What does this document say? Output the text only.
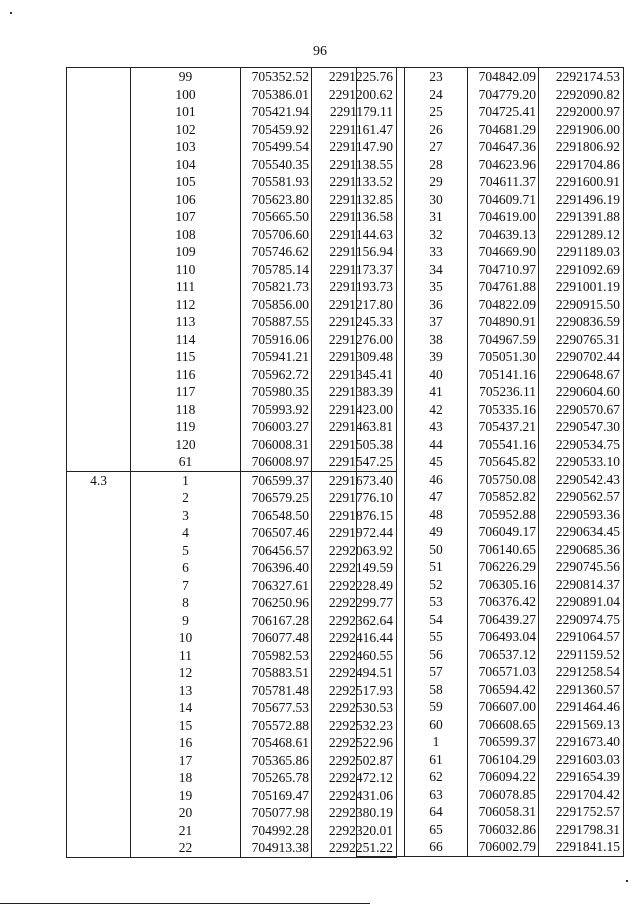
96
	99	705352.52	2291225.76
	100	705386.01	2291200.62
	101	705421.94	2291179.11
	102	705459.92	2291161.47
	103	705499.54	2291147.90
	104	705540.35	2291138.55
	105	705581.93	2291133.52
	106	705623.80	2291132.85
	107	705665.50	2291136.58
	108	705706.60	2291144.63
	109	705746.62	2291156.94
	110	705785.14	2291173.37
	111	705821.73	2291193.73
	112	705856.00	2291217.80
	113	705887.55	2291245.33
	114	705916.06	2291276.00
	115	705941.21	2291309.48
	116	705962.72	2291345.41
	117	705980.35	2291383.39
	118	705993.92	2291423.00
	119	706003.27	2291463.81
	120	706008.31	2291505.38
	61	706008.97	2291547.25
4.3	1	706599.37	2291673.40
	2	706579.25	2291776.10
	3	706548.50	2291876.15
	4	706507.46	2291972.44
	5	706456.57	2292063.92
	6	706396.40	2292149.59
	7	706327.61	2292228.49
	8	706250.96	2292299.77
	9	706167.28	2292362.64
	10	706077.48	2292416.44
	11	705982.53	2292460.55
	12	705883.51	2292494.51
	13	705781.48	2292517.93
	14	705677.53	2292530.53
	15	705572.88	2292532.23
	16	705468.61	2292522.96
	17	705365.86	2292502.87
	18	705265.78	2292472.12
	19	705169.47	2292431.06
	20	705077.98	2292380.19
	21	704992.28	2292320.01
	22	704913.38	2292251.22
	23	704842.09	2292174.53
	24	704779.20	2292090.82
	25	704725.41	2292000.97
	26	704681.29	2291906.00
	27	704647.36	2291806.92
	28	704623.96	2291704.86
	29	704611.37	2291600.91
	30	704609.71	2291496.19
	31	704619.00	2291391.88
	32	704639.13	2291289.12
	33	704669.90	2291189.03
	34	704710.97	2291092.69
	35	704761.88	2291001.19
	36	704822.09	2290915.50
	37	704890.91	2290836.59
	38	704967.59	2290765.31
	39	705051.30	2290702.44
	40	705141.16	2290648.67
	41	705236.11	2290604.60
	42	705335.16	2290570.67
	43	705437.21	2290547.30
	44	705541.16	2290534.75
	45	705645.82	2290533.10
	46	705750.08	2290542.43
	47	705852.82	2290562.57
	48	705952.88	2290593.36
	49	706049.17	2290634.45
	50	706140.65	2290685.36
	51	706226.29	2290745.56
	52	706305.16	2290814.37
	53	706376.42	2290891.04
	54	706439.27	2290974.75
	55	706493.04	2291064.57
	56	706537.12	2291159.52
	57	706571.03	2291258.54
	58	706594.42	2291360.57
	59	706607.00	2291464.46
	60	706608.65	2291569.13
	1	706599.37	2291673.40
	61	706104.29	2291603.03
	62	706094.22	2291654.39
	63	706078.85	2291704.42
	64	706058.31	2291752.57
	65	706032.86	2291798.31
	66	706002.79	2291841.15
